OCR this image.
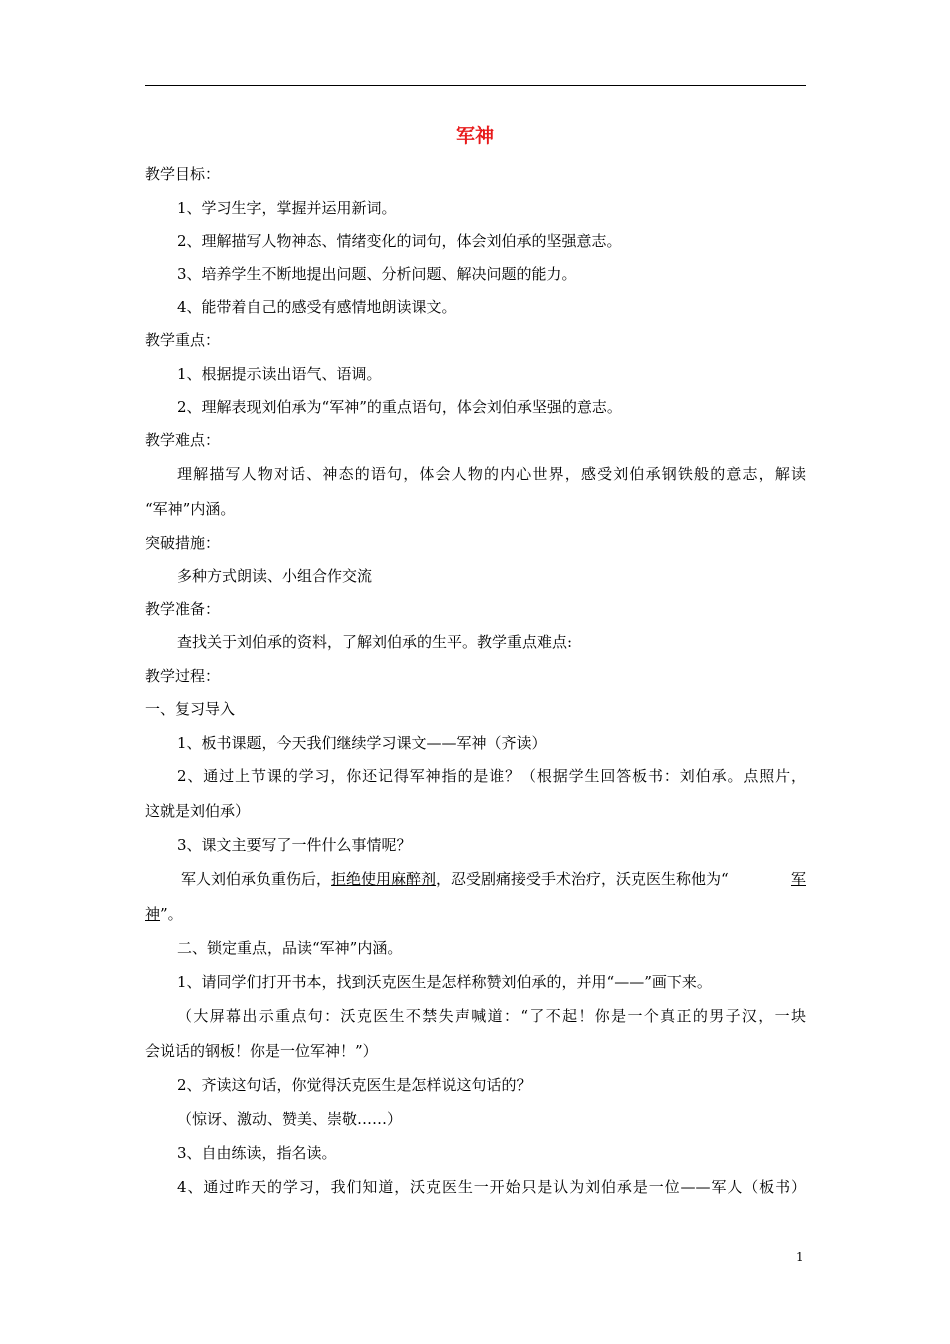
军神
教学目标：
1、学习生字，掌握并运用新词。
2、理解描写人物神态、情绪变化的词句，体会刘伯承的坚强意志。
3、培养学生不断地提出问题、分析问题、解决问题的能力。
4、能带着自己的感受有感情地朗读课文。
教学重点：
1、根据提示读出语气、语调。
2、理解表现刘伯承为“军神”的重点语句，体会刘伯承坚强的意志。
教学难点：
理解描写人物对话、神态的语句，体会人物的内心世界，感受刘伯承钢铁般的意志，解读
“军神”内涵。
突破措施：
多种方式朗读、小组合作交流
教学准备：
查找关于刘伯承的资料，了解刘伯承的生平。教学重点难点:
教学过程：
一、复习导入
1、板书课题，今天我们继续学习课文——军神（齐读）
2、通过上节课的学习，你还记得军神指的是谁？（根据学生回答板书：刘伯承。点照片，
这就是刘伯承）
3、课文主要写了一件什么事情呢？
军人刘伯承负重伤后，拒绝使用麻醉剂，忍受剧痛接受手术治疗，沃克医生称他为“	军
神”。
二、锁定重点，品读“军神”内涵。
1、请同学们打开书本，找到沃克医生是怎样称赞刘伯承的，并用“——”画下来。
（大屏幕出示重点句：沃克医生不禁失声喊道：“了不起！你是一个真正的男子汉，一块
会说话的钢板！你是一位军神！”）
2、齐读这句话，你觉得沃克医生是怎样说这句话的？
（惊讶、激动、赞美、崇敬……）
3、自由练读，指名读。
4、通过昨天的学习，我们知道，沃克医生一开始只是认为刘伯承是一位——军人（板书）
1
